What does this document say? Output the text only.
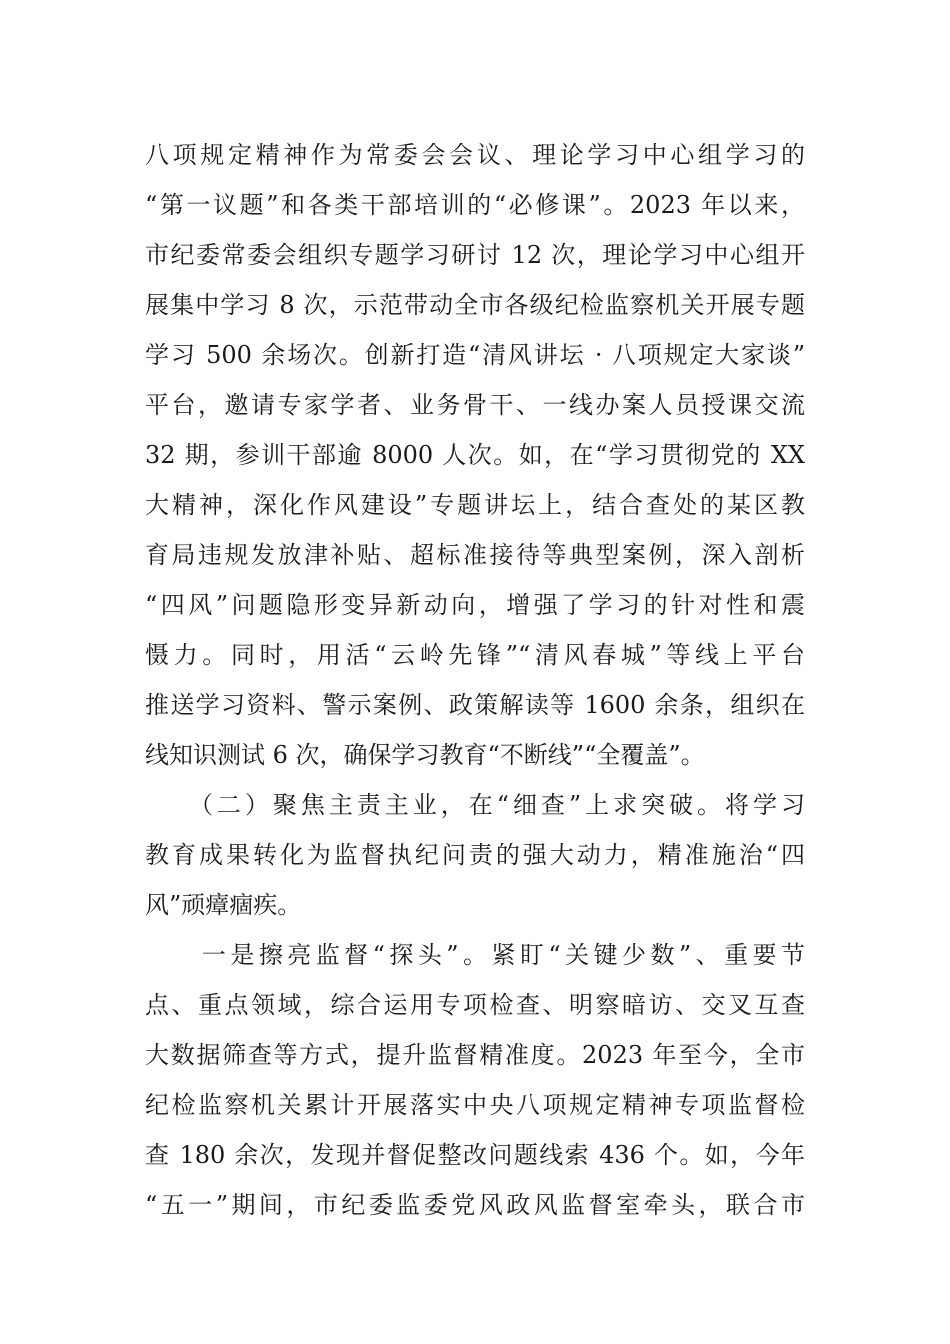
八项规定精神作为常委会会议、理论学习中心组学习的
“第一议题”和各类干部培训的“必修课”。2023 年以来，
市纪委常委会组织专题学习研讨 12 次，理论学习中心组开
展集中学习 8 次，示范带动全市各级纪检监察机关开展专题
学习 500 余场次。创新打造“清风讲坛 · 八项规定大家谈”
平台，邀请专家学者、业务骨干、一线办案人员授课交流
32 期，参训干部逾 8000 人次。如，在“学习贯彻党的 XX
大精神，深化作风建设”专题讲坛上，结合查处的某区教
育局违规发放津补贴、超标准接待等典型案例，深入剖析
“四风”问题隐形变异新动向，增强了学习的针对性和震
慑力。同时，用活“云岭先锋”“清风春城”等线上平台
推送学习资料、警示案例、政策解读等 1600 余条，组织在
线知识测试 6 次，确保学习教育“不断线”“全覆盖”。
　　（二）聚焦主责主业，在“细查”上求突破。将学习
教育成果转化为监督执纪问责的强大动力，精准施治“四
风”顽瘴痼疾。
　　一是擦亮监督“探头”。紧盯“关键少数”、重要节
点、重点领域，综合运用专项检查、明察暗访、交叉互查
大数据筛查等方式，提升监督精准度。2023 年至今，全市
纪检监察机关累计开展落实中央八项规定精神专项监督检
查 180 余次，发现并督促整改问题线索 436 个。如，今年
“五一”期间，市纪委监委党风政风监督室牵头，联合市
